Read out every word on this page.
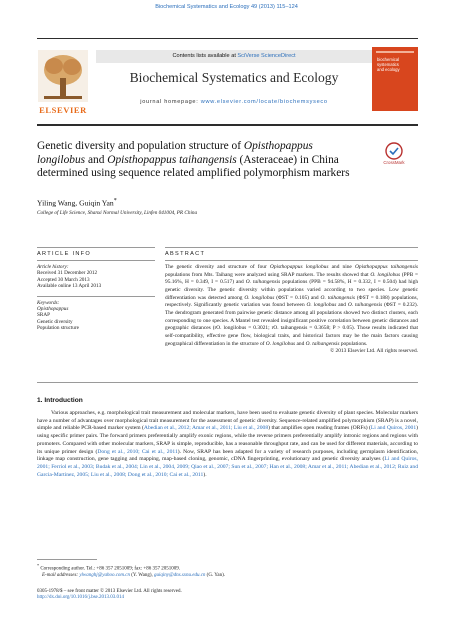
Biochemical Systematics and Ecology 49 (2013) 115–124
ELSEVIER
Contents lists available at SciVerse ScienceDirect
Biochemical Systematics and Ecology
journal homepage: www.elsevier.com/locate/biochemsyseco
biochemical
systematics
and ecology
Genetic diversity and population structure of Opisthopappus longilobus and Opisthopappus taihangensis (Asteraceae) in China determined using sequence related amplified polymorphism markers
CrossMark
Yiling Wang, Guiqin Yan*
College of Life Science, Shanxi Normal University, Linfen 041004, PR China
ARTICLE INFO	ABSTRACT
Article history:
Received 31 December 2012
Accepted 30 March 2013
Available online 13 April 2013
Keywords:
Opisthopappus
SRAP
Genetic diversity
Population structure
The genetic diversity and structure of four Opisthopappus longilobus and nine Opisthopappus taihangensis populations from Mts. Taihang were analyzed using SRAP markers. The results showed that O. longilobus (PPB = 95.16%, H = 0.349, I = 0.517) and O. taihangensis populations (PPB = 94.58%, H = 0.332, I = 0.504) had high genetic diversity. The genetic diversity within populations varied according to two species. Low genetic differentiation was detected among O. longilobus (ΦST = 0.105) and O. taihangensis (ΦST = 0.188) populations, respectively. Significantly genetic variation was found between O. longilobus and O. taihangensis (ΦST = 0.232). The dendrogram generated from pairwise genetic distance among all populations showed two distinct clusters, each corresponding to one species. A Mantel test revealed insignificant positive correlation between genetic distances and geographic distances (rO. longilobus = 0.3021; rO. taihangensis = 0.3658; P > 0.05). Those results indicated that self-compatibility, effective gene flow, biological traits, and historical factors may be the main factors causing geographical differentiation in the structure of O. longilobus and O. taihangensis populations.
© 2013 Elsevier Ltd. All rights reserved.
1. Introduction
Various approaches, e.g. morphological trait measurement and molecular markers, have been used to evaluate genetic diversity of plant species. Molecular markers have a number of advantages over morphological trait measurement for the assessment of genetic diversity. Sequence-related amplified polymorphism (SRAP) is a novel, simple and reliable PCR-based marker system (Abedian et al., 2012; Amar et al., 2011; Liu et al., 2008) that amplifies open reading frames (ORFs) (Li and Quiros, 2001) using specific primer pairs. The forward primers preferentially amplify exonic regions, while the reverse primers preferentially amplify intronic regions and regions with promoters. Compared with other molecular markers, SRAP is simple, reproducible, has a reasonable throughput rate, and can be used for different materials, according to its unique primer design (Dong et al., 2010; Cai et al., 2011). Now, SRAP has been adapted for a variety of research purposes, including germplasm identification, linkage map construction, gene tagging and mapping, map-based cloning, genomic, cDNA fingerprinting, evolutionary and genetic diversity analyses (Li and Quiros, 2001; Ferriol et al., 2003; Budak et al., 2004; Lin et al., 2004, 2009; Qiao et al., 2007; Sun et al., 2007; Han et al., 2008; Amar et al., 2011; Abedian et al., 2012; Ruiz and Garcia-Martinez, 2005; Liu et al., 2008; Dong et al., 2010; Cai et al., 2011).
* Corresponding author. Tel.: +86 357 2051009; fax: +86 357 2051009.
E-mail addresses: ylwanghj@yahoo.com.cn (Y. Wang), guiqiny@dns.sxnu.edu.cn (G. Yan).
0305-1978/$ – see front matter © 2013 Elsevier Ltd. All rights reserved.
http://dx.doi.org/10.1016/j.bse.2013.03.014
